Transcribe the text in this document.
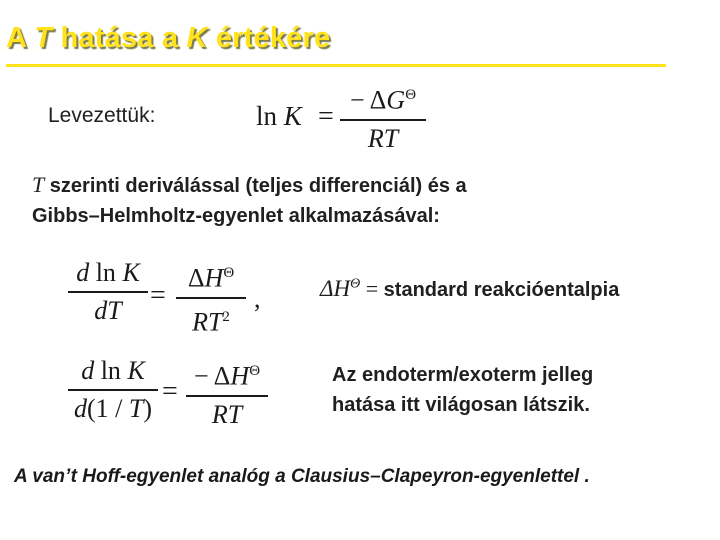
A T hatása a K értékére
Levezettük:	ln K =
− $\Delta G^\Theta$
RT
T szerinti deriválással (teljes differenciál) és a
Gibbs–Helmholtz-egyenlet alkalmazásával:
d ln K
dT	=
$\Delta H^\Theta$
$RT^2$
,	$\Delta H^\Theta$ = standard reakcióentalpia
d ln K
d(1 / T)
= − $\Delta H^\Theta$
RT
Az endoterm/exoterm jelleg
hatása itt világosan látszik.
A van’t Hoff-egyenlet analóg a Clausius–Clapeyron-egyenlettel .
